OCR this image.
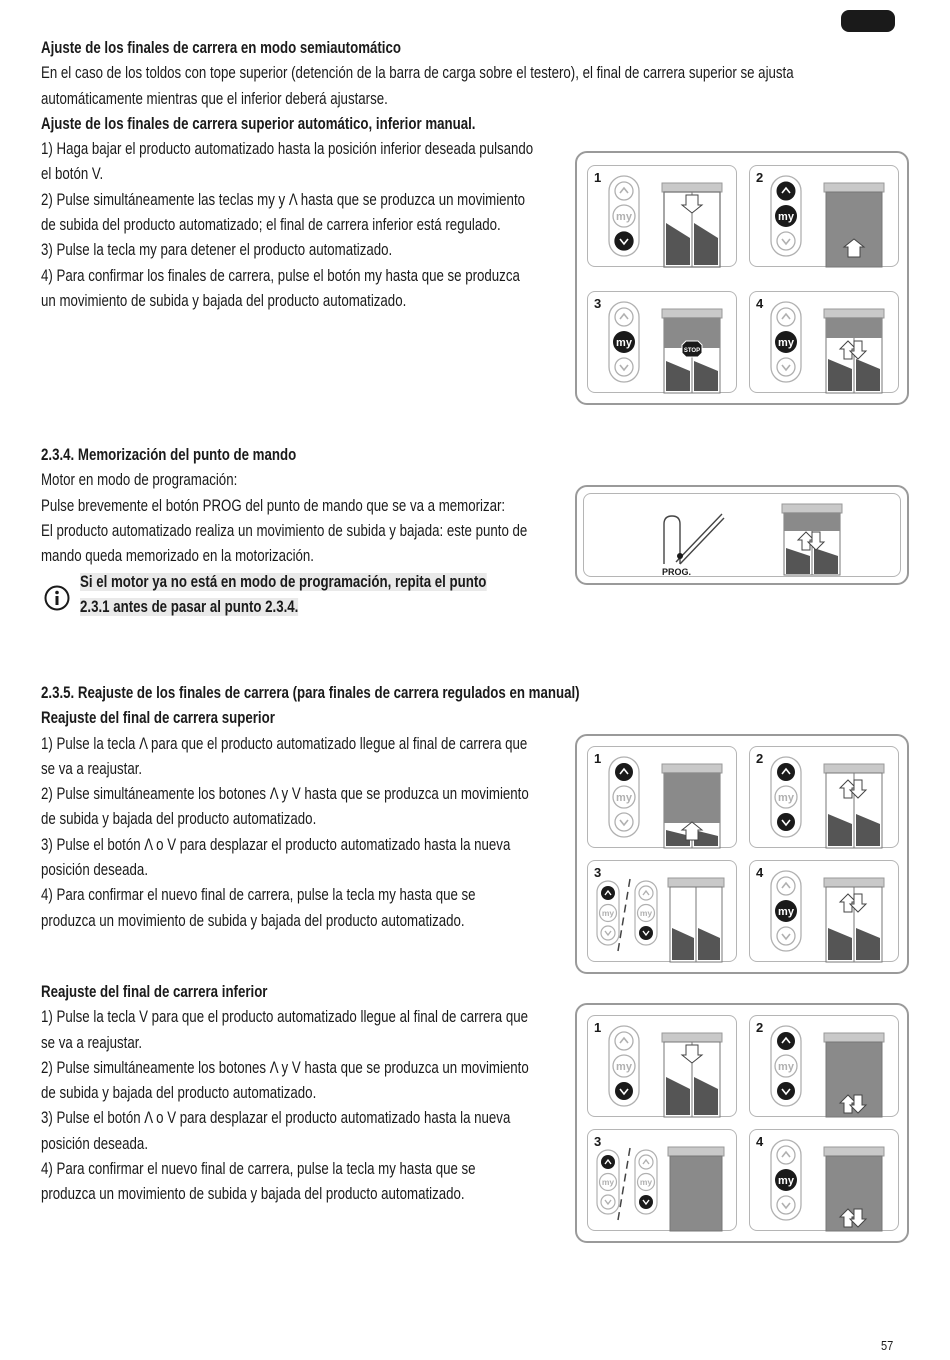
Ajuste de los finales de carrera en modo semiautomático

En el caso de los toldos con tope superior (detención de la barra de carga sobre el testero), el final de carrera superior se ajusta

automáticamente mientras que el inferior deberá ajustarse.

Ajuste de los finales de carrera superior automático, inferior manual.

1) Haga bajar el producto automatizado hasta la posición inferior deseada pulsando

el botón V.

2) Pulse simultáneamente las teclas my y Λ hasta que se produzca un movimiento

de subida del producto automatizado; el final de carrera inferior está regulado.

3) Pulse la tecla my para detener el producto automatizado.

4) Para confirmar los finales de carrera, pulse el botón my hasta que se produzca

un movimiento de subida y bajada del producto automatizado.

1
my
2
my
3
my
STOP
4
my

2.3.4. Memorización del punto de mando

Motor en modo de programación:

Pulse brevemente el botón PROG del punto de mando que se va a memorizar:

El producto automatizado realiza un movimiento de subida y bajada: este punto de

mando queda memorizado en la motorización.

Si el motor ya no está en modo de programación, repita el punto

2.3.1 antes de pasar al punto 2.3.4.

PROG.

2.3.5. Reajuste de los finales de carrera (para finales de carrera regulados en manual)

Reajuste del final de carrera superior

1) Pulse la tecla Λ para que el producto automatizado llegue al final de carrera que

se va a reajustar.

2) Pulse simultáneamente los botones Λ y V hasta que se produzca un movimiento

de subida y bajada del producto automatizado.

3) Pulse el botón Λ o V para desplazar el producto automatizado hasta la nueva

posición deseada.

4) Para confirmar el nuevo final de carrera, pulse la tecla my hasta que se

produzca un movimiento de subida y bajada del producto automatizado.

Reajuste del final de carrera inferior

1) Pulse la tecla V para que el producto automatizado llegue al final de carrera que

se va a reajustar.

2) Pulse simultáneamente los botones Λ y V hasta que se produzca un movimiento

de subida y bajada del producto automatizado.

3) Pulse el botón Λ o V para desplazar el producto automatizado hasta la nueva

posición deseada.

4) Para confirmar el nuevo final de carrera, pulse la tecla my hasta que se

produzca un movimiento de subida y bajada del producto automatizado.

1
my
2
my
3
my	my
4
my
1
my
2
my
3
my	my
4
my
57
